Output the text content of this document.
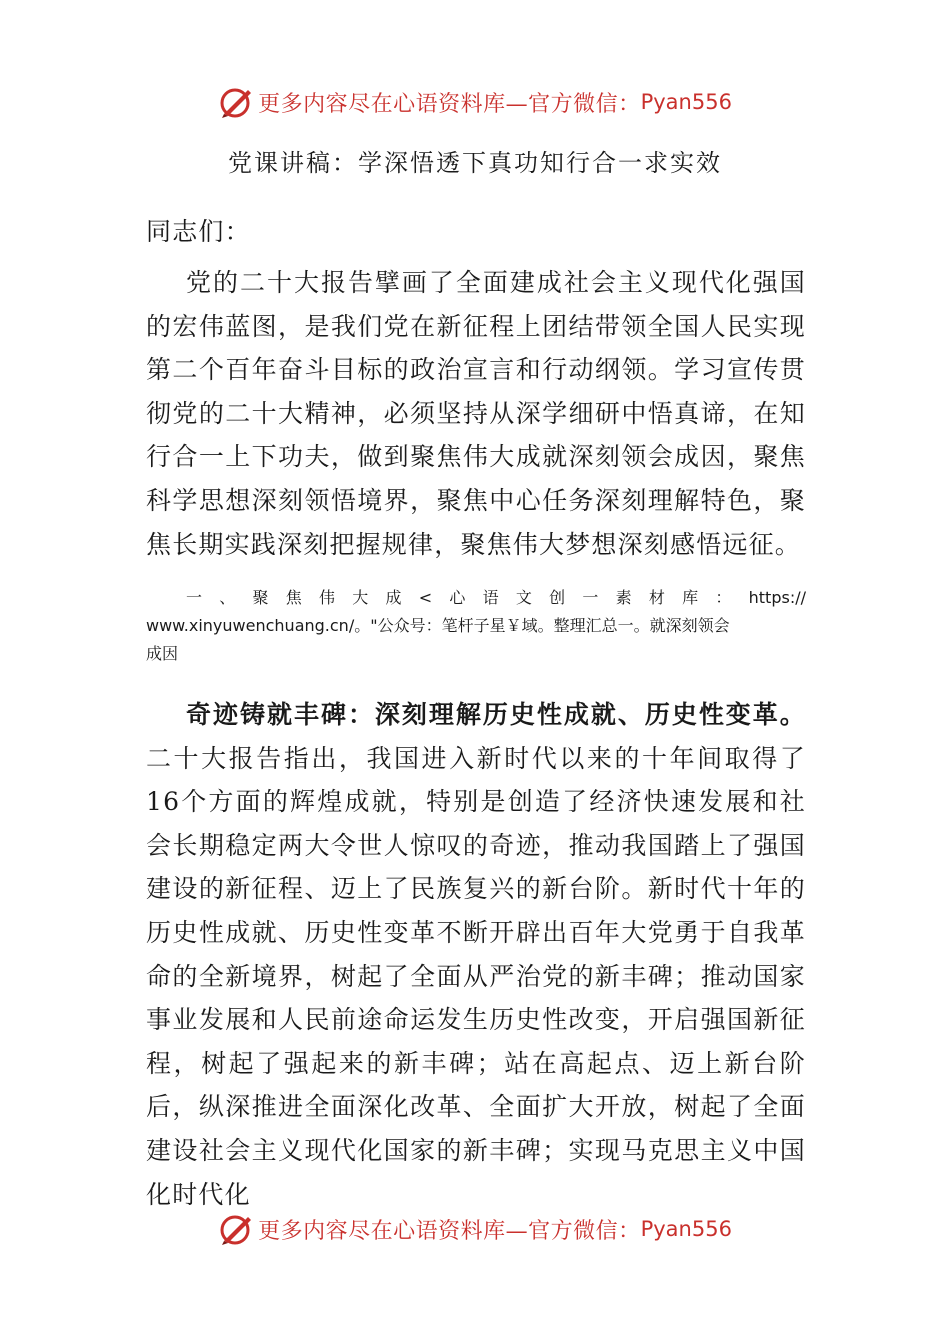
更多内容尽在心语资料库—官方微信： Pyan556
党课讲稿：学深悟透下真功知行合一求实效

同志们：

党的二十大报告擘画了全面建成社会主义现代化强国的宏伟蓝图，是我们党在新征程上团结带领全国人民实现第二个百年奋斗目标的政治宣言和行动纲领。学习宣传贯彻党的二十大精神，必须坚持从深学细研中悟真谛，在知行合一上下功夫，做到聚焦伟大成就深刻领会成因，聚焦科学思想深刻领悟境界，聚焦中心任务深刻理解特色，聚焦长期实践深刻把握规律，聚焦伟大梦想深刻感悟远征。

一 、 聚 焦 伟 大 成 < 心 语 文 创 一 素 材 库 ： https://
www.xinyuwenchuang.cn/。"公众号：笔杆子星￥域。整理汇总一。就深刻领会
成因

奇迹铸就丰碑：深刻理解历史性成就、历史性变革。二十大报告指出，我国进入新时代以来的十年间取得了16个方面的辉煌成就，特别是创造了经济快速发展和社会长期稳定两大令世人惊叹的奇迹，推动我国踏上了强国建设的新征程、迈上了民族复兴的新台阶。新时代十年的历史性成就、历史性变革不断开辟出百年大党勇于自我革命的全新境界，树起了全面从严治党的新丰碑；推动国家事业发展和人民前途命运发生历史性改变，开启强国新征程，树起了强起来的新丰碑；站在高起点、迈上新台阶后，纵深推进全面深化改革、全面扩大开放，树起了全面建设社会主义现代化国家的新丰碑；实现马克思主义中国化时代化

更多内容尽在心语资料库—官方微信： Pyan556
